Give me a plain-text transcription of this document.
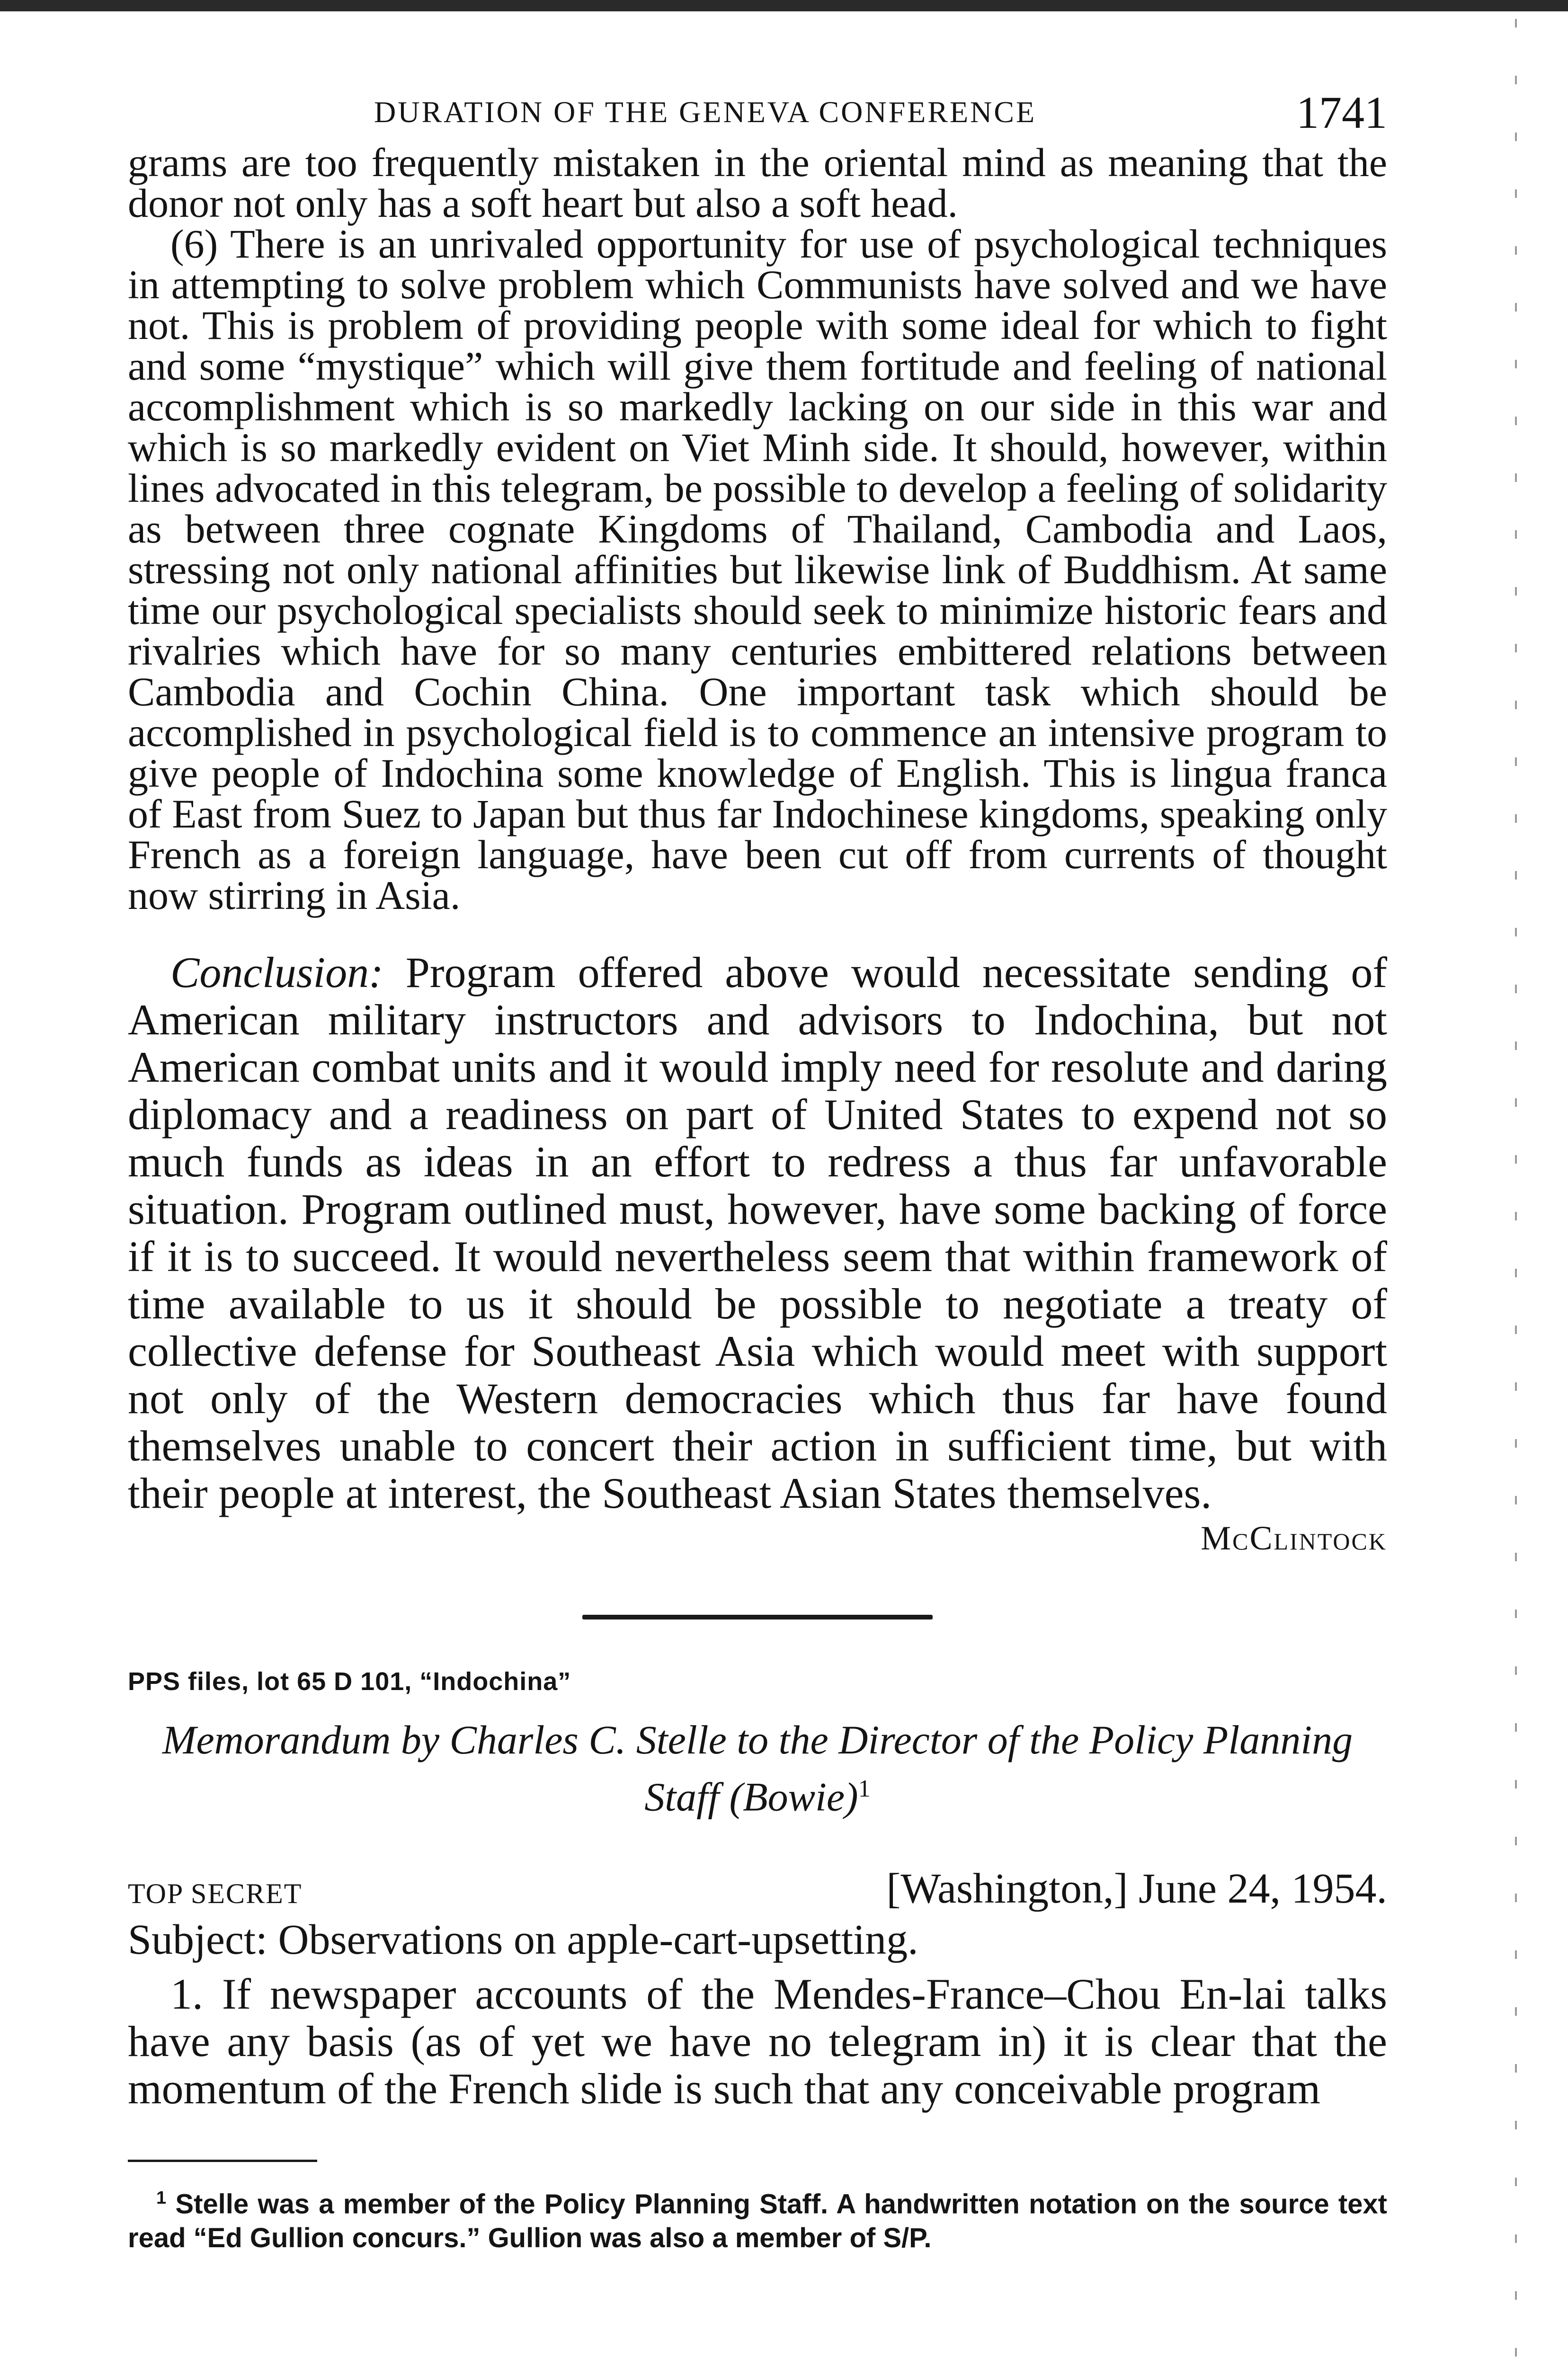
DURATION OF THE GENEVA CONFERENCE	1741

grams are too frequently mistaken in the oriental mind as meaning that the donor not only has a soft heart but also a soft head.

(6) There is an unrivaled opportunity for use of psychological techniques in attempting to solve problem which Communists have solved and we have not. This is problem of providing people with some ideal for which to fight and some “mystique” which will give them fortitude and feeling of national accomplishment which is so markedly lacking on our side in this war and which is so markedly evident on Viet Minh side. It should, however, within lines advocated in this telegram, be possible to develop a feeling of solidarity as between three cognate Kingdoms of Thailand, Cambodia and Laos, stressing not only national affinities but likewise link of Buddhism. At same time our psychological specialists should seek to minimize historic fears and rivalries which have for so many centuries embittered relations between Cambodia and Cochin China. One important task which should be accomplished in psychological field is to commence an intensive program to give people of Indochina some knowledge of English. This is lingua franca of East from Suez to Japan but thus far Indochinese kingdoms, speaking only French as a foreign language, have been cut off from currents of thought now stirring in Asia.

Conclusion: Program offered above would necessitate sending of American military instructors and advisors to Indochina, but not American combat units and it would imply need for resolute and daring diplomacy and a readiness on part of United States to expend not so much funds as ideas in an effort to redress a thus far unfavorable situation. Program outlined must, however, have some backing of force if it is to succeed. It would nevertheless seem that within framework of time available to us it should be possible to negotiate a treaty of collective defense for Southeast Asia which would meet with support not only of the Western democracies which thus far have found themselves unable to concert their action in sufficient time, but with their people at interest, the Southeast Asian States themselves.

McClintock
PPS files, lot 65 D 101, “Indochina”
Memorandum by Charles C. Stelle to the Director of the Policy Planning Staff (Bowie)$^1$
TOP SECRET	[Washington,] June 24, 1954.

Subject: Observations on apple-cart-upsetting.

1. If newspaper accounts of the Mendes-France–Chou En-lai talks have any basis (as of yet we have no telegram in) it is clear that the momentum of the French slide is such that any conceivable program

$^1$ Stelle was a member of the Policy Planning Staff. A handwritten notation on the source text read “Ed Gullion concurs.” Gullion was also a member of S/P.
